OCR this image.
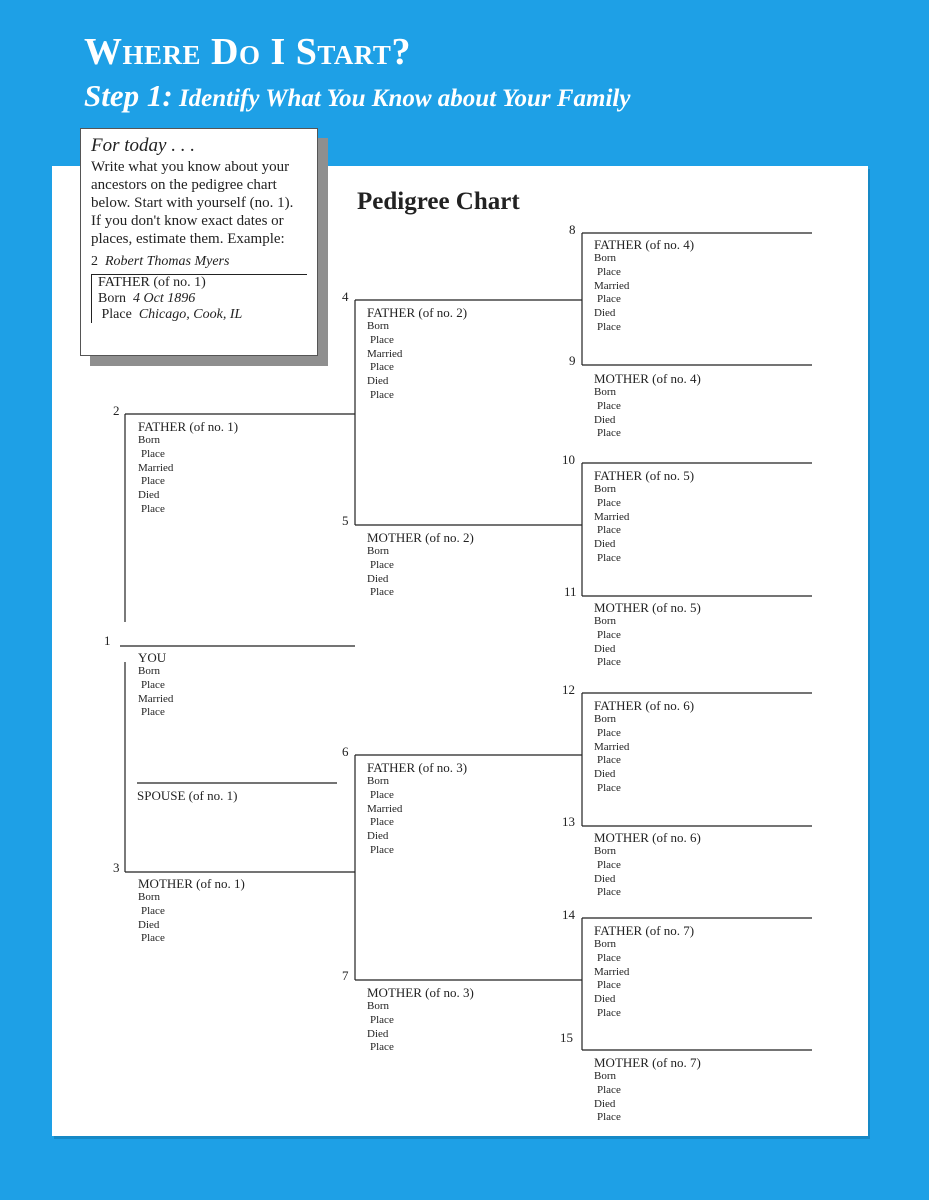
Where Do I Start?
Step 1: Identify What You Know about Your Family

For today . . .

Write what you know about your ancestors on the pedigree chart below. Start with yourself (no. 1). If you don't know exact dates or places, estimate them. Example:

2 Robert Thomas Myers
FATHER (of no. 1)
Born 4 Oct 1896
Place Chicago, Cook, IL
Pedigree Chart
1
YOU
Born
Place
Married
Place
SPOUSE (of no. 1)
2
FATHER (of no. 1)
Born
Place
Married
Place
Died
Place
3
MOTHER (of no. 1)
Born
Place
Died
Place
4
FATHER (of no. 2)
Born
Place
Married
Place
Died
Place
5
MOTHER (of no. 2)
Born
Place
Died
Place
6
FATHER (of no. 3)
Born
Place
Married
Place
Died
Place
7
MOTHER (of no. 3)
Born
Place
Died
Place
8
FATHER (of no. 4)
Born
Place
Married
Place
Died
Place
9
MOTHER (of no. 4)
Born
Place
Died
Place
10
FATHER (of no. 5)
Born
Place
Married
Place
Died
Place
11
MOTHER (of no. 5)
Born
Place
Died
Place
12
FATHER (of no. 6)
Born
Place
Married
Place
Died
Place
13
MOTHER (of no. 6)
Born
Place
Died
Place
14
FATHER (of no. 7)
Born
Place
Married
Place
Died
Place
15
MOTHER (of no. 7)
Born
Place
Died
Place
